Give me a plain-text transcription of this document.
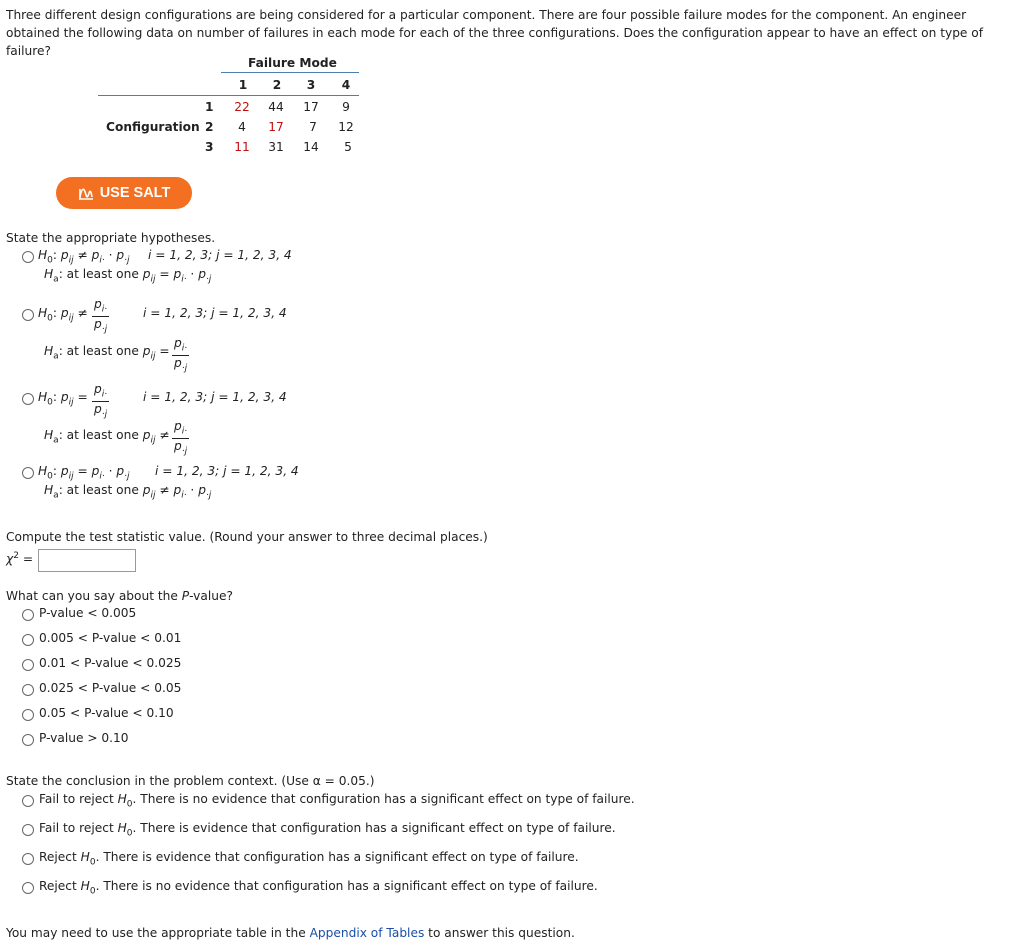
Three different design configurations are being considered for a particular component. There are four possible failure modes for the component. An engineer obtained the following data on number of failures in each mode for each of the three configurations. Does the configuration appear to have an effect on type of failure?
Failure Mode
1	2	3	4
1	22	44	17	9
Configuration 2	4	17	7	12
3	11	31	14	5
USE SALT
State the appropriate hypotheses.
$H_0$: $p_{ij} \ne p_{i\cdot} \cdot p_{\cdot j}$	i = 1, 2, 3; j = 1, 2, 3, 4
$H_a$: at least one $p_{ij} = p_{i\cdot} \cdot p_{\cdot j}$
$H_0$: $p_{ij} \ne \frac{p_{i\cdot}}{p_{\cdot j}}$	i = 1, 2, 3; j = 1, 2, 3, 4
$H_a$: at least one $p_{ij} = \frac{p_{i\cdot}}{p_{\cdot j}}$
$H_0$: $p_{ij} = \frac{p_{i\cdot}}{p_{\cdot j}}$	i = 1, 2, 3; j = 1, 2, 3, 4
$H_a$: at least one $p_{ij} \ne \frac{p_{i\cdot}}{p_{\cdot j}}$
$H_0$: $p_{ij} = p_{i\cdot} \cdot p_{\cdot j}$ i = 1, 2, 3; j = 1, 2, 3, 4
$H_a$: at least one $p_{ij} \ne p_{i\cdot} \cdot p_{\cdot j}$
Compute the test statistic value. (Round your answer to three decimal places.)
$\chi^2$ =
What can you say about the P-value?
P-value < 0.005
0.005 < P-value < 0.01
0.01 < P-value < 0.025
0.025 < P-value < 0.05
0.05 < P-value < 0.10
P-value > 0.10
State the conclusion in the problem context. (Use α = 0.05.)
Fail to reject $H_0$. There is no evidence that configuration has a significant effect on type of failure.
Fail to reject $H_0$. There is evidence that configuration has a significant effect on type of failure.
Reject $H_0$. There is evidence that configuration has a significant effect on type of failure.
Reject $H_0$. There is no evidence that configuration has a significant effect on type of failure.
You may need to use the appropriate table in the Appendix of Tables to answer this question.
